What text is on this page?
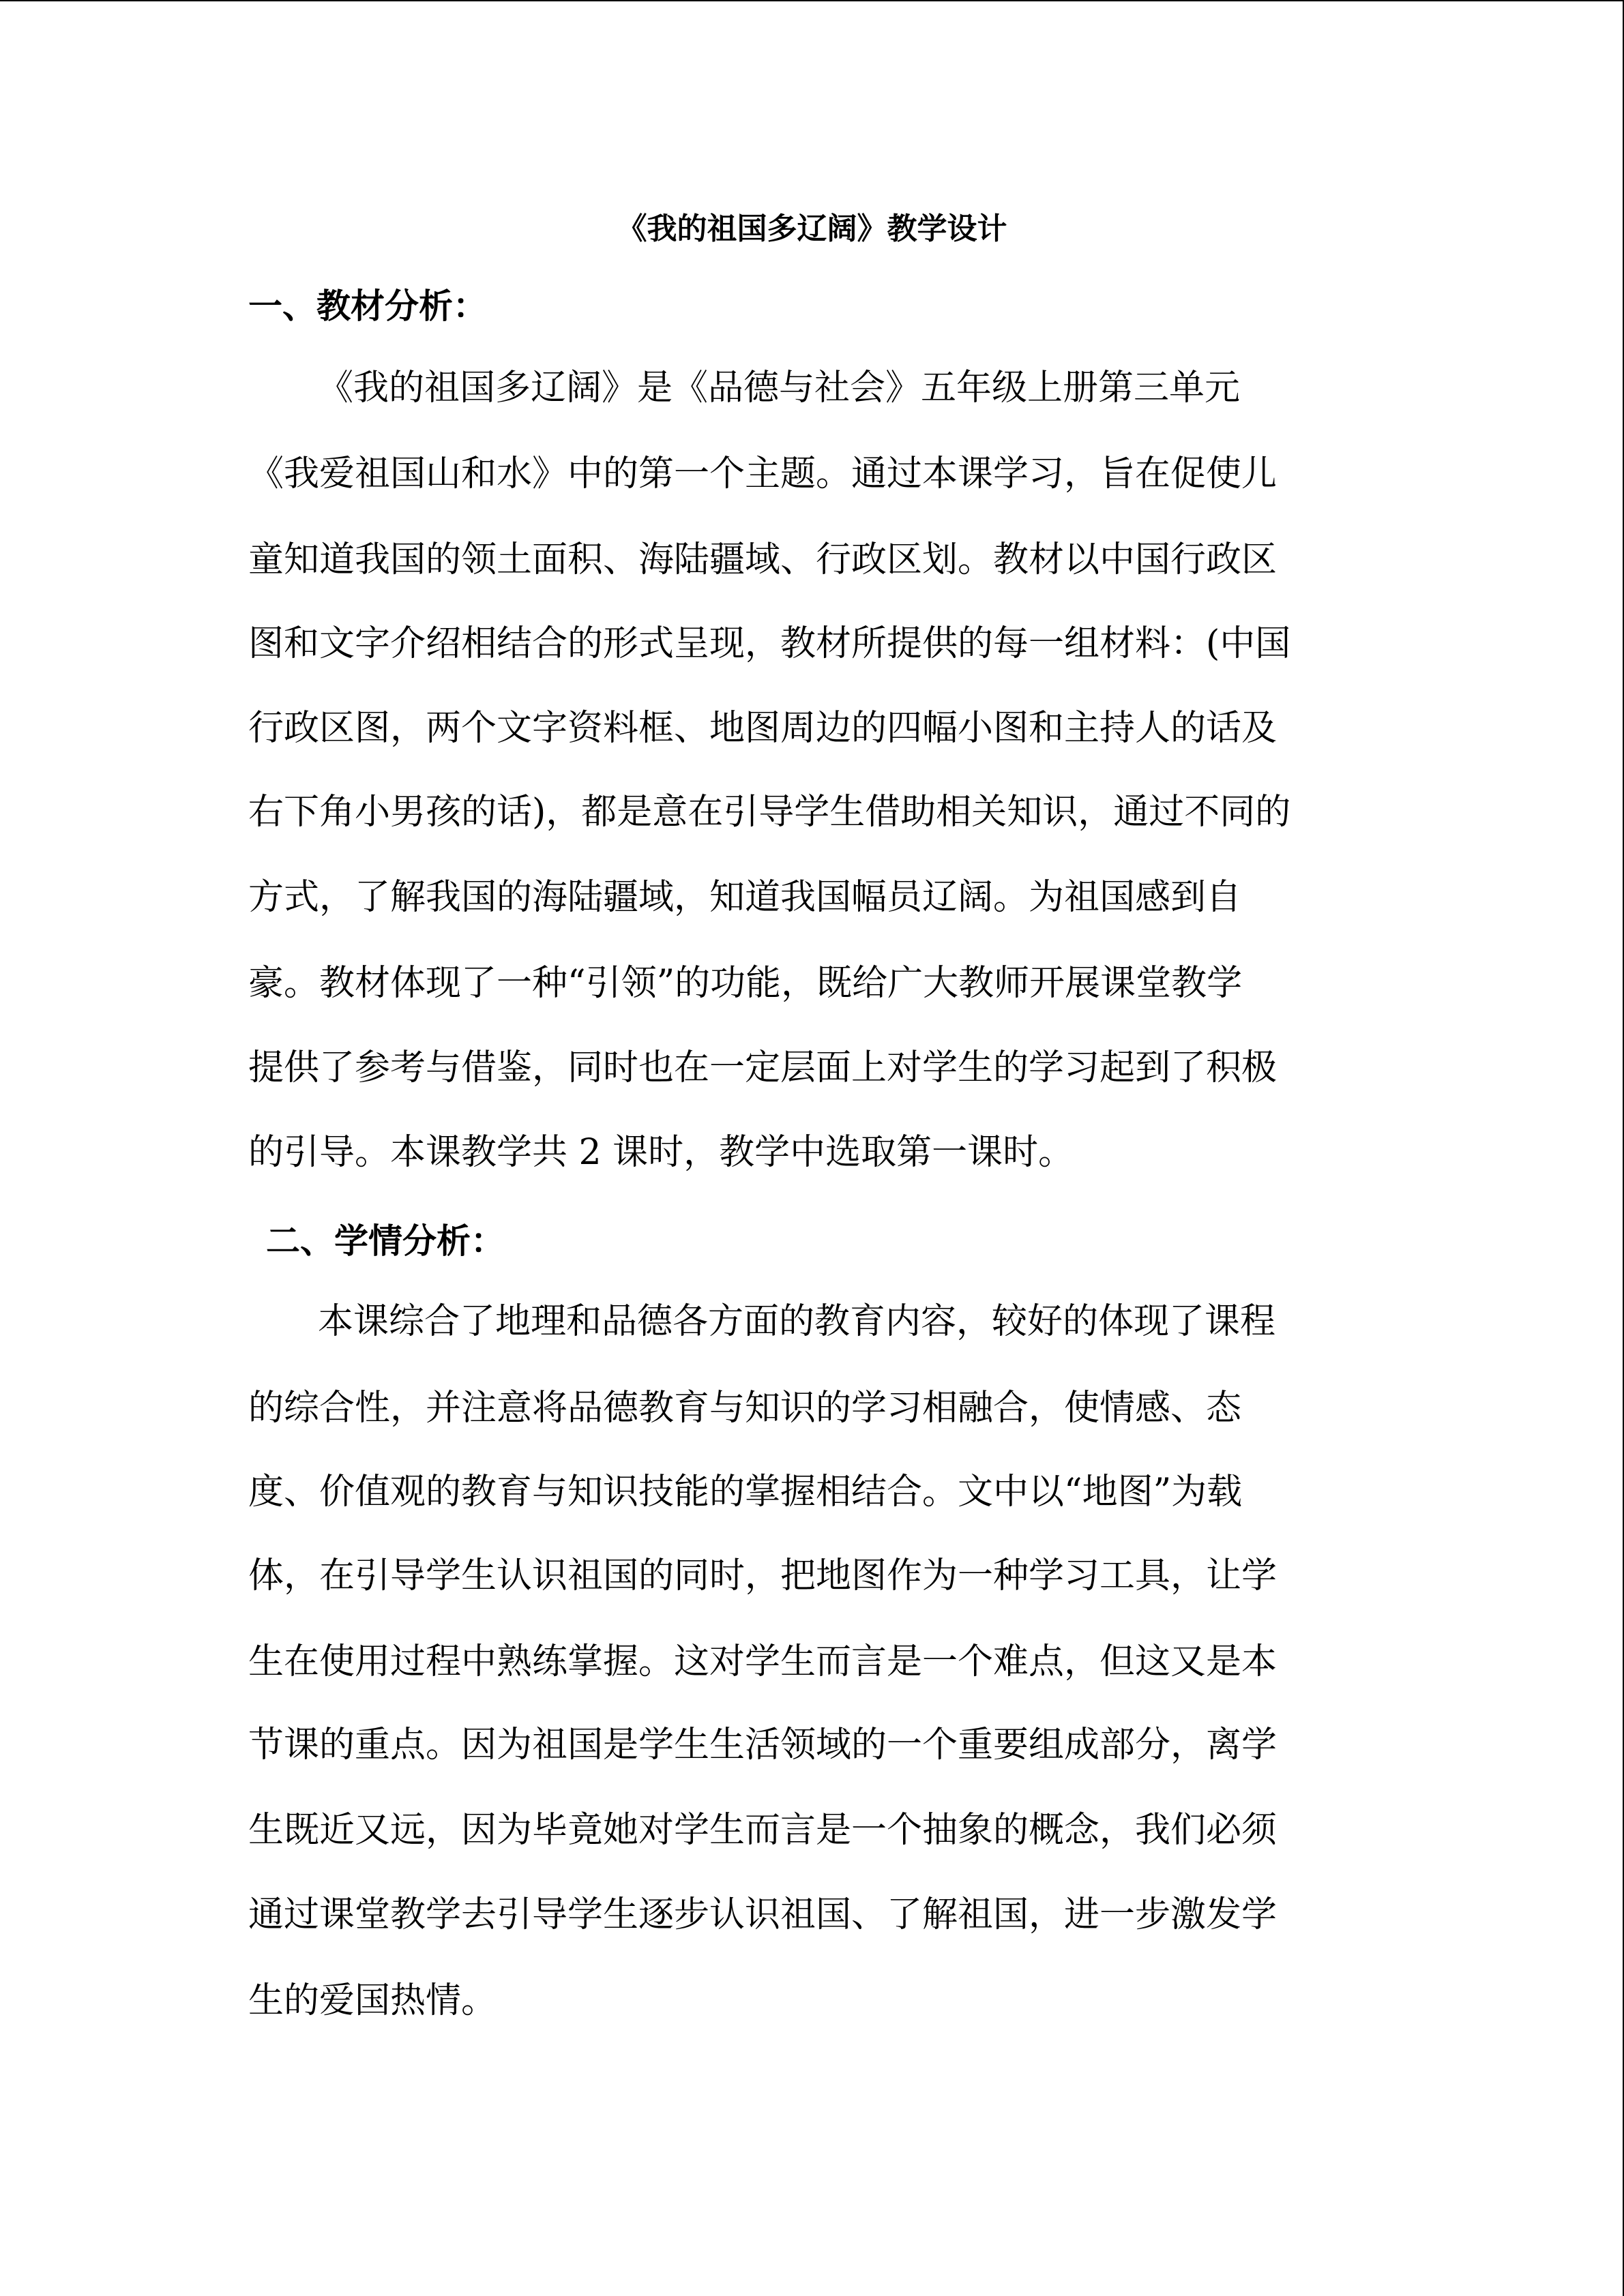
《我的祖国多辽阔》教学设计
一、教材分析：
《我的祖国多辽阔》是《品德与社会》五年级上册第三单元
《我爱祖国山和水》中的第一个主题。通过本课学习，旨在促使儿
童知道我国的领土面积、海陆疆域、行政区划。教材以中国行政区
图和文字介绍相结合的形式呈现，教材所提供的每一组材料：(中国
行政区图，两个文字资料框、地图周边的四幅小图和主持人的话及
右下角小男孩的话)，都是意在引导学生借助相关知识，通过不同的
方式，了解我国的海陆疆域，知道我国幅员辽阔。为祖国感到自
豪。教材体现了一种“引领”的功能，既给广大教师开展课堂教学
提供了参考与借鉴，同时也在一定层面上对学生的学习起到了积极
的引导。本课教学共 2 课时，教学中选取第一课时。
二、学情分析：
本课综合了地理和品德各方面的教育内容，较好的体现了课程
的综合性，并注意将品德教育与知识的学习相融合，使情感、态
度、价值观的教育与知识技能的掌握相结合。文中以“地图”为载
体，在引导学生认识祖国的同时，把地图作为一种学习工具，让学
生在使用过程中熟练掌握。这对学生而言是一个难点，但这又是本
节课的重点。因为祖国是学生生活领域的一个重要组成部分，离学
生既近又远，因为毕竟她对学生而言是一个抽象的概念，我们必须
通过课堂教学去引导学生逐步认识祖国、了解祖国，进一步激发学
生的爱国热情。
